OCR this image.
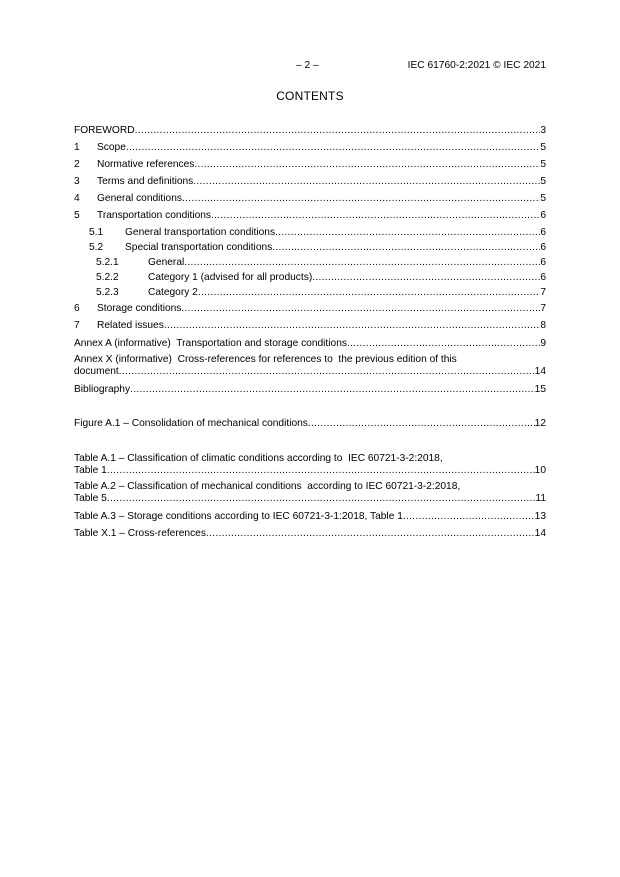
– 2 –	IEC 61760-2:2021 © IEC 2021
CONTENTS
FOREWORD .....	3
1	Scope .....	5
2	Normative references .....	5
3	Terms and definitions .....	5
4	General conditions .....	5
5	Transportation conditions .....	6
5.1	General transportation conditions .....	6
5.2	Special transportation conditions .....	6
5.2.1	General .....	6
5.2.2	Category 1 (advised for all products) .....	6
5.2.3	Category 2 .....	7
6	Storage conditions .....	7
7	Related issues .....	8
Annex A (informative)  Transportation and storage conditions .....	9
Annex X (informative)  Cross-references for references to  the previous edition of this
document .....	14
Bibliography .....	15
Figure A.1 – Consolidation of mechanical conditions .....	12
Table A.1 – Classification of climatic conditions according to  IEC 60721-3-2:2018,
Table 1 .....	10
Table A.2 – Classification of mechanical conditions  according to IEC 60721-3-2:2018,
Table 5 .....	11
Table A.3 – Storage conditions according to IEC 60721-3-1:2018, Table 1 .....	13
Table X.1 – Cross-references .....	14
